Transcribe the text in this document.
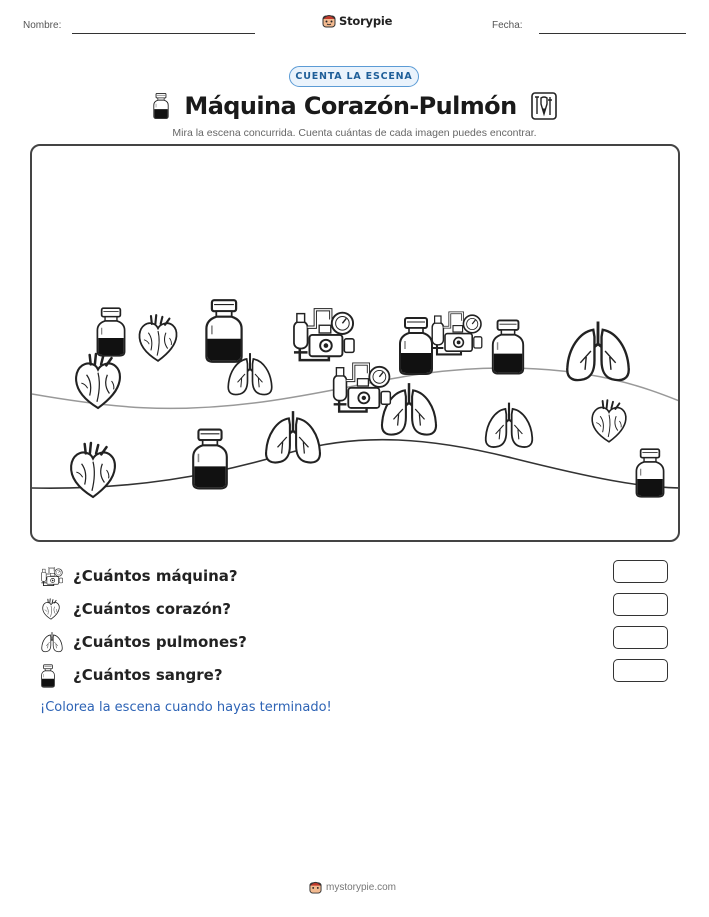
Nombre:	Storypie	Fecha:
CUENTA LA ESCENA
Máquina Corazón-Pulmón
Mira la escena concurrida. Cuenta cuántas de cada imagen puedes encontrar.
¿Cuántos máquina?
¿Cuántos corazón?
¿Cuántos pulmones?
¿Cuántos sangre?
¡Colorea la escena cuando hayas terminado!
mystorypie.com
